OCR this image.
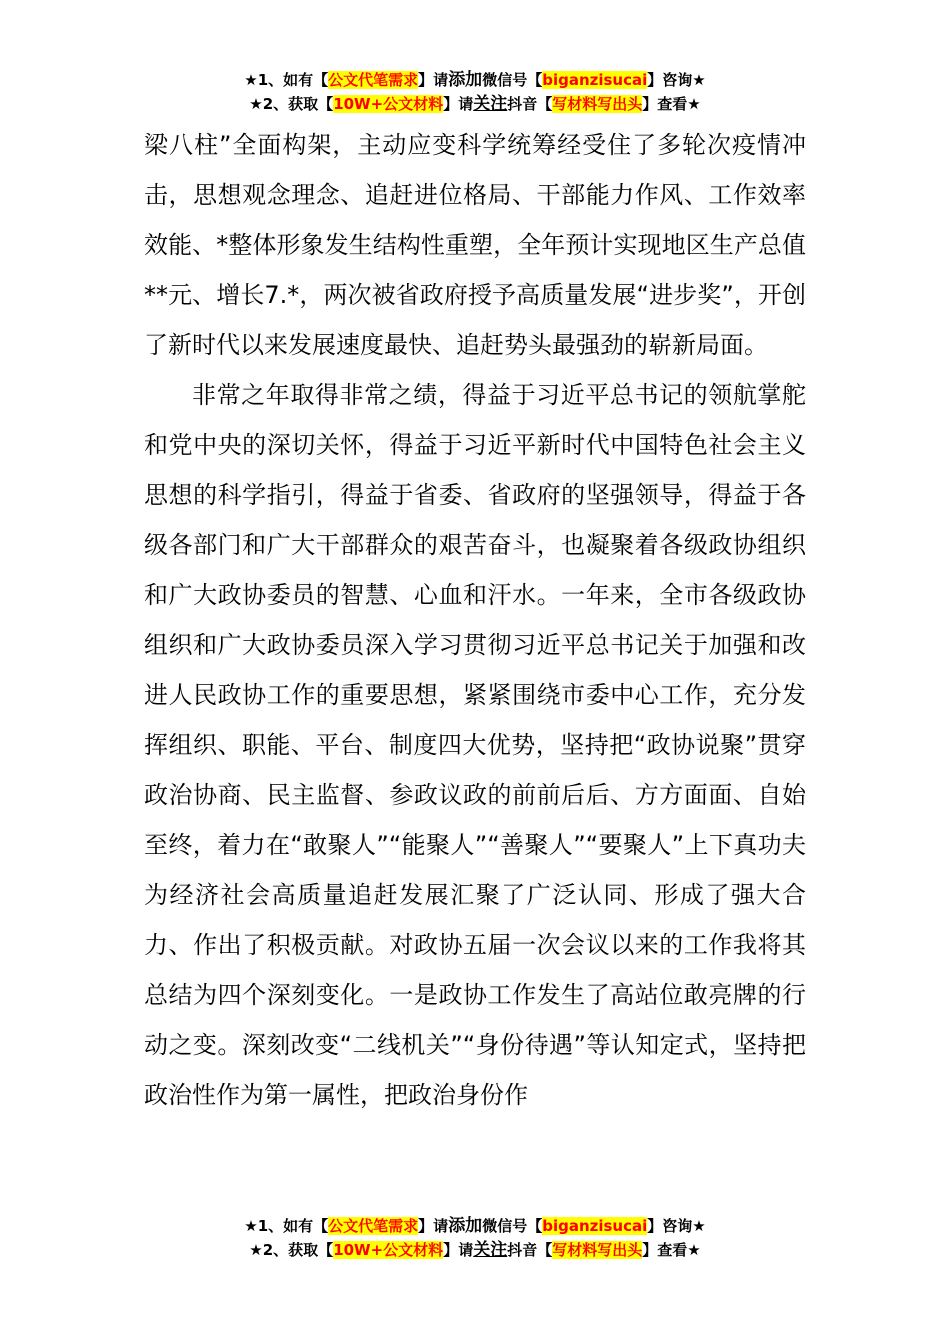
★1、如有【公文代笔需求】请添加微信号【biganzisucai】咨询★
★2、获取【10W+公文材料】请关注抖音【写材料写出头】查看★

梁八柱”全面构架，主动应变科学统筹经受住了多轮次疫情冲击，思想观念理念、追赶进位格局、干部能力作风、工作效率效能、*整体形象发生结构性重塑，全年预计实现地区生产总值**元、增长7.*，两次被省政府授予高质量发展“进步奖”，开创了新时代以来发展速度最快、追赶势头最强劲的崭新局面。

非常之年取得非常之绩，得益于习近平总书记的领航掌舵和党中央的深切关怀，得益于习近平新时代中国特色社会主义思想的科学指引，得益于省委、省政府的坚强领导，得益于各级各部门和广大干部群众的艰苦奋斗，也凝聚着各级政协组织和广大政协委员的智慧、心血和汗水。一年来，全市各级政协组织和广大政协委员深入学习贯彻习近平总书记关于加强和改进人民政协工作的重要思想，紧紧围绕市委中心工作，充分发挥组织、职能、平台、制度四大优势，坚持把“政协说聚”贯穿政治协商、民主监督、参政议政的前前后后、方方面面、自始至终，着力在“敢聚人”“能聚人”“善聚人”“要聚人”上下真功夫为经济社会高质量追赶发展汇聚了广泛认同、形成了强大合力、作出了积极贡献。对政协五届一次会议以来的工作我将其总结为四个深刻变化。一是政协工作发生了高站位敢亮牌的行动之变。深刻改变“二线机关”“身份待遇”等认知定式，坚持把政治性作为第一属性，把政治身份作

★1、如有【公文代笔需求】请添加微信号【biganzisucai】咨询★
★2、获取【10W+公文材料】请关注抖音【写材料写出头】查看★
